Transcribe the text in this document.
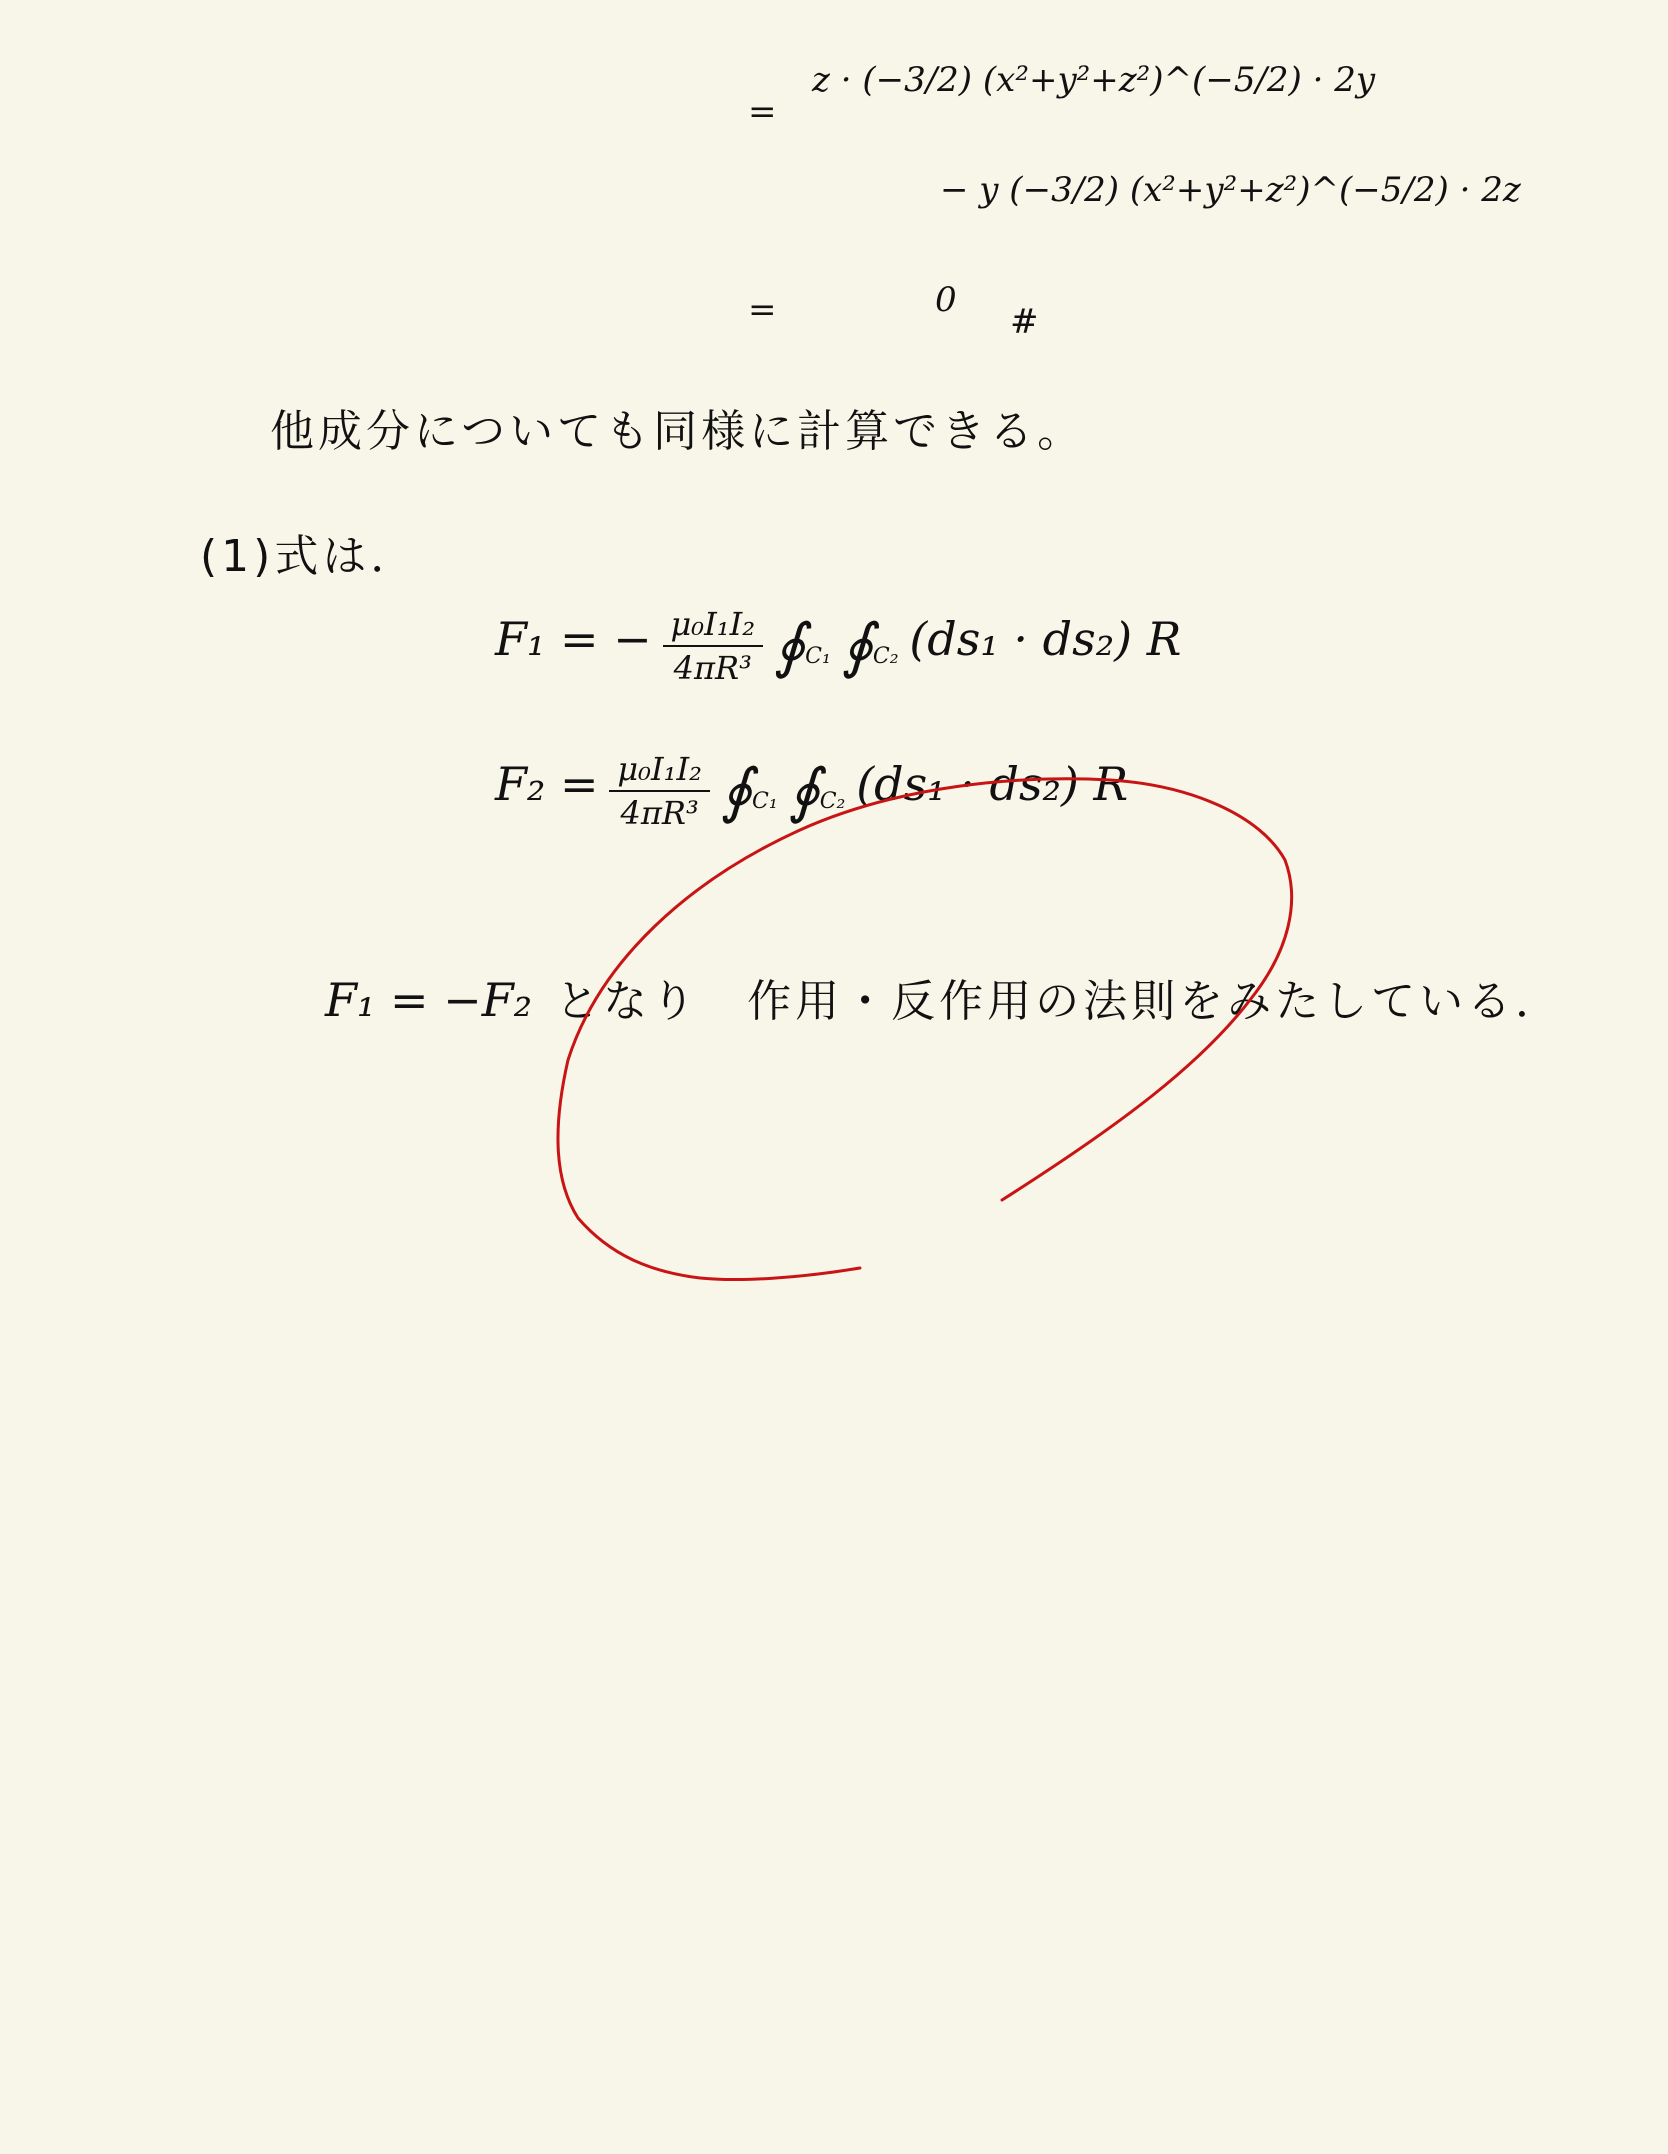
=
z · (−3/2) (x²+y²+z²)^(−5/2) · 2y
− y (−3/2) (x²+y²+z²)^(−5/2) · 2z
=	0
#
他成分についても同様に計算できる。
(1)式は．
F₁ = − $\frac{\text{μ₀I₁I₂}}{\text{4πR³}}$ $∮_{C_1}$ $∮_{C_2}$ (ds₁ · ds₂) R
$F_2 = \frac{\text{μ₀I₁I₂}}{\text{4πR³}}$ $∮_{C_1}$ $∮_{C_2}$ (ds₁ · ds₂) R
F₁ = −F₂ となり　作用・反作用の法則をみたしている．
